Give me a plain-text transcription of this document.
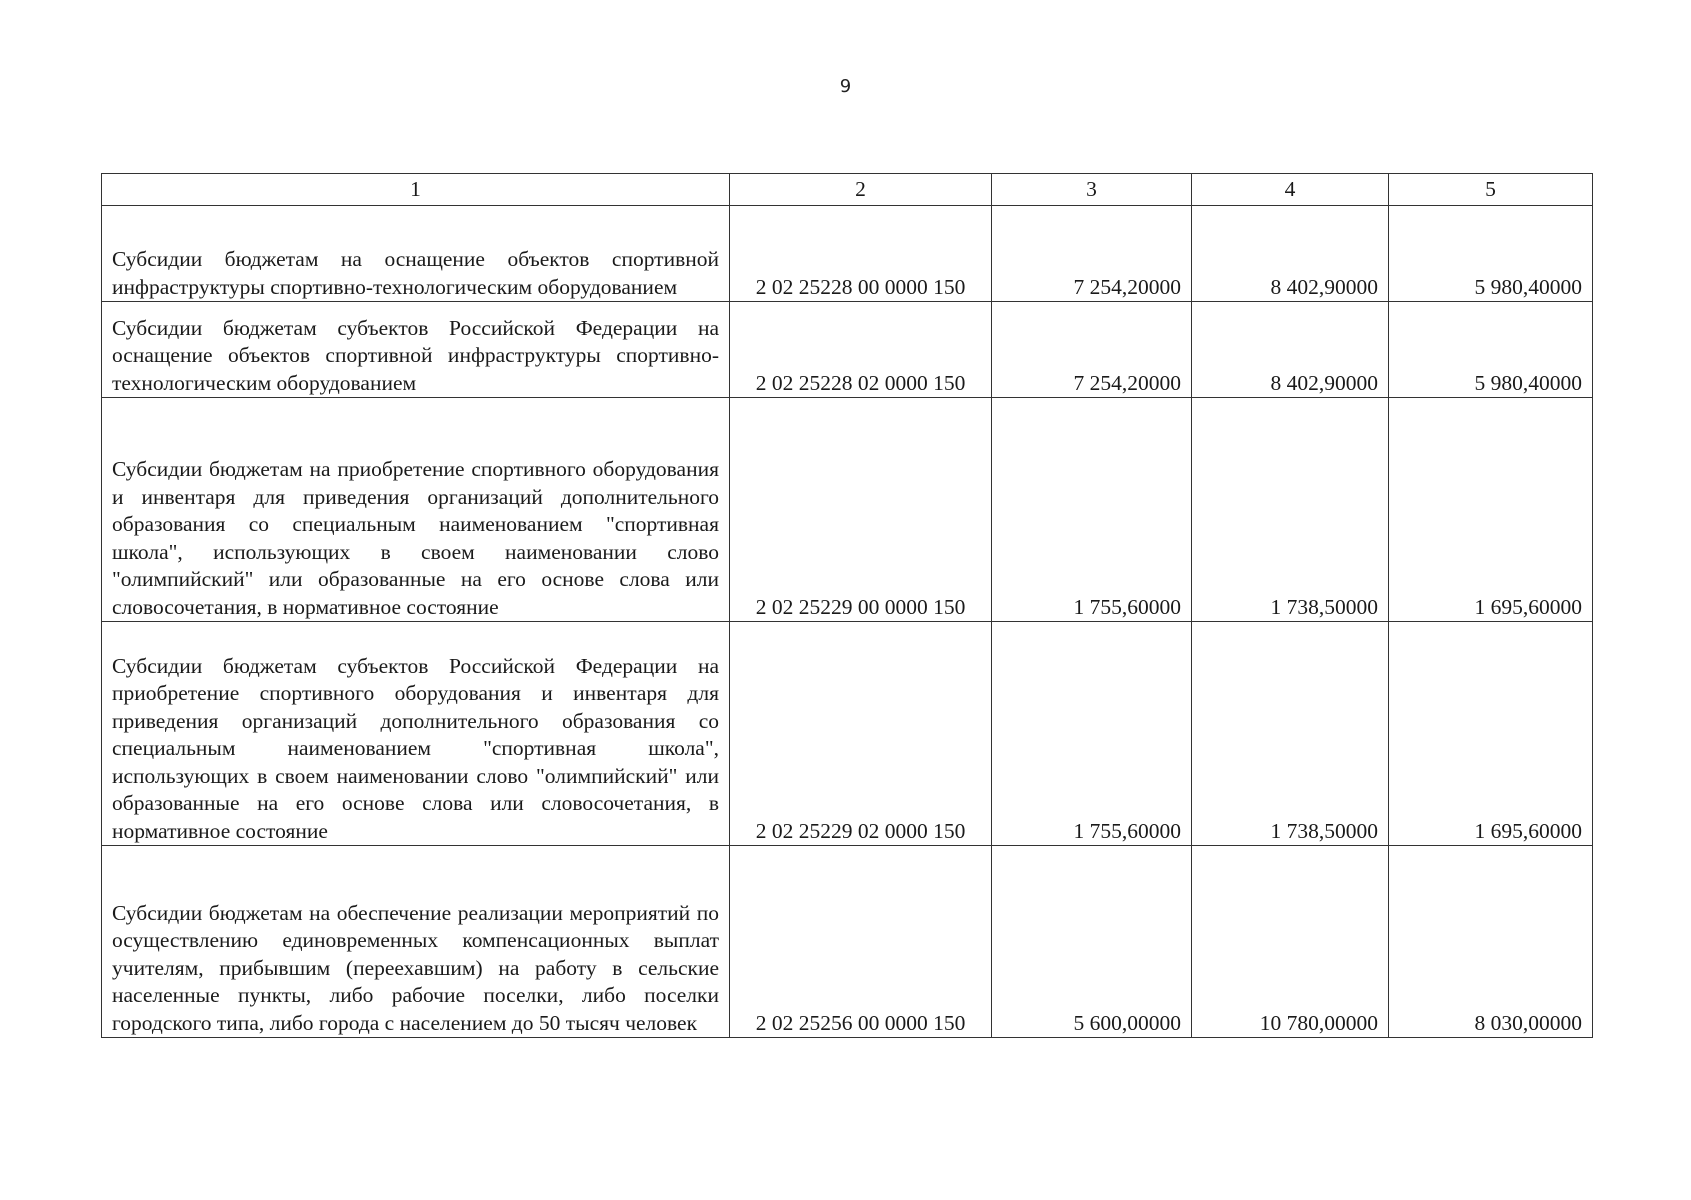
9
1	2	3	4	5
Субсидии бюджетам на оснащение объектов спортивной инфраструктуры спортивно-технологическим оборудованием	2 02 25228 00 0000 150	7 254,20000	8 402,90000	5 980,40000
Субсидии бюджетам субъектов Российской Федерации на оснащение объектов спортивной инфраструктуры спортивно-технологическим оборудованием	2 02 25228 02 0000 150	7 254,20000	8 402,90000	5 980,40000
Субсидии бюджетам на приобретение спортивного оборудования и инвентаря для приведения организаций дополнительного образования со специальным наименованием "спортивная школа", использующих в своем наименовании слово "олимпийский" или образованные на его основе слова или словосочетания, в нормативное состояние	2 02 25229 00 0000 150	1 755,60000	1 738,50000	1 695,60000
Субсидии бюджетам субъектов Российской Федерации на приобретение спортивного оборудования и инвентаря для приведения организаций дополнительного образования со специальным наименованием "спортивная школа", использующих в своем наименовании слово "олимпийский" или образованные на его основе слова или словосочетания, в нормативное состояние	2 02 25229 02 0000 150	1 755,60000	1 738,50000	1 695,60000
Субсидии бюджетам на обеспечение реализации мероприятий по осуществлению единовременных компенсационных выплат учителям, прибывшим (переехавшим) на работу в сельские населенные пункты, либо рабочие поселки, либо поселки городского типа, либо города с населением до 50 тысяч человек	2 02 25256 00 0000 150	5 600,00000	10 780,00000	8 030,00000
